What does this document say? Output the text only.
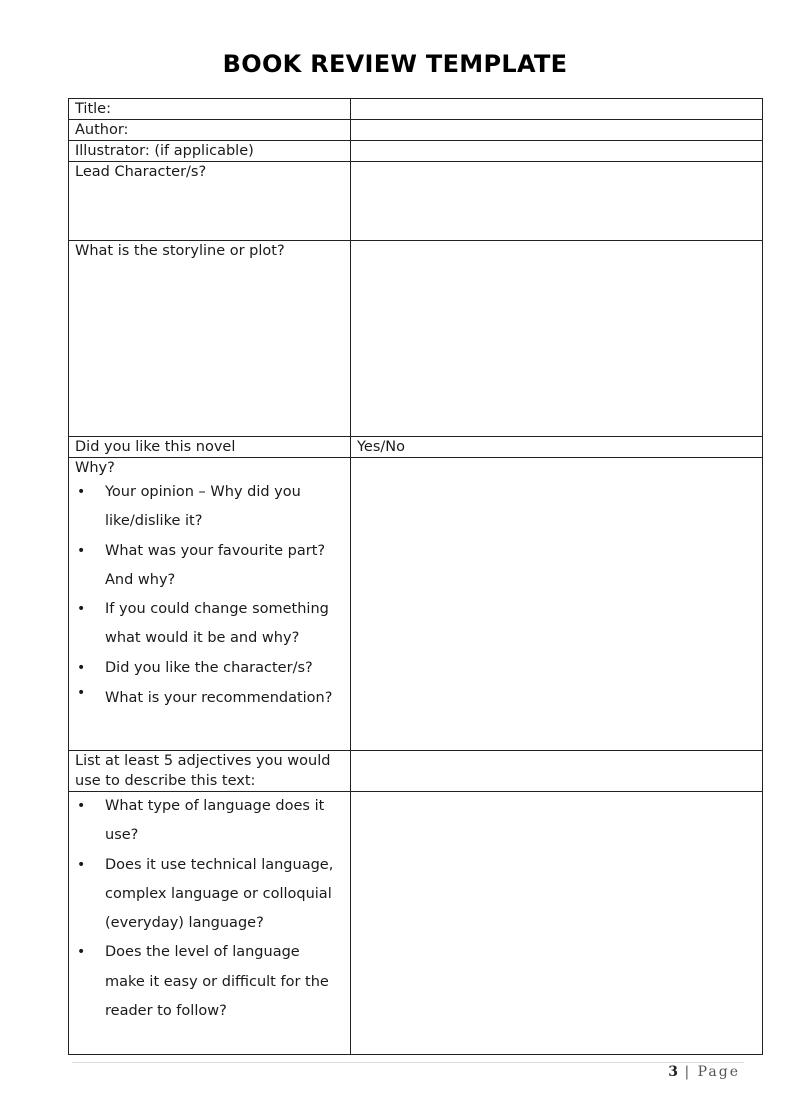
BOOK REVIEW TEMPLATE
Title:	
Author:	
Illustrator: (if applicable)	
Lead Character/s?	
What is the storyline or plot?	
Did you like this novel	Yes/No

Why?
• Your opinion – Why did you like/dislike it?
• What was your favourite part? And why?
• If you could change something what would it be and why?
• Did you like the character/s?
• What is your recommendation?

List at least 5 adjectives you would use to describe this text:	

• What type of language does it use?
• Does it use technical language, complex language or colloquial (everyday) language?
• Does the level of language make it easy or difficult for the reader to follow?

3 | Page
